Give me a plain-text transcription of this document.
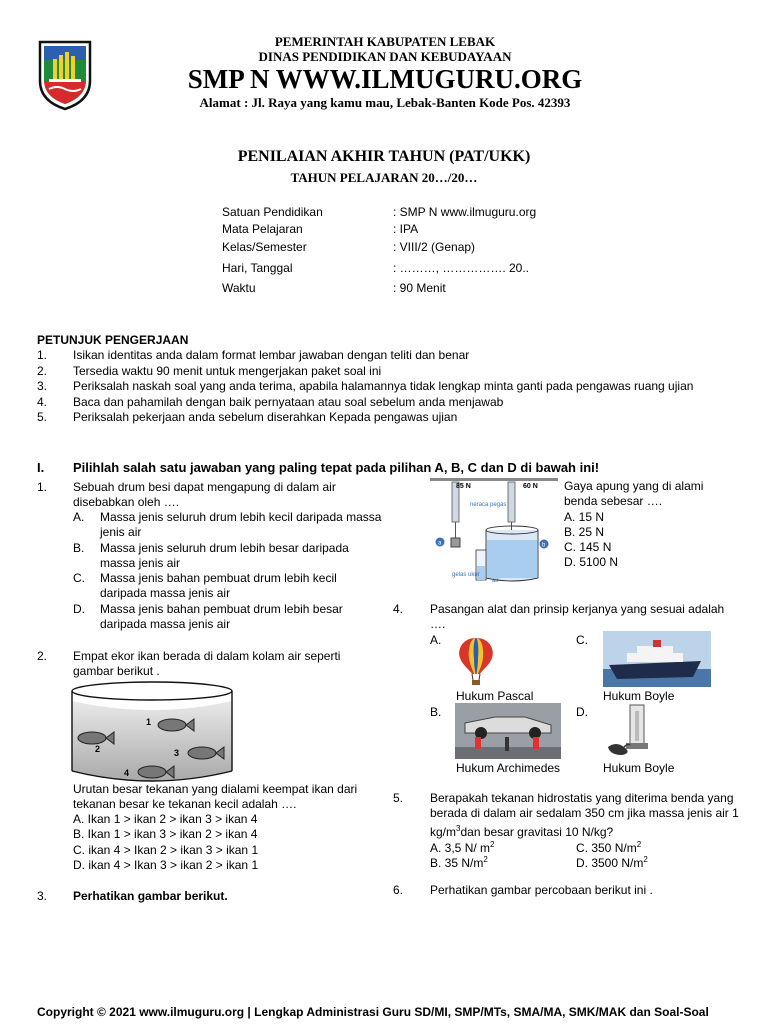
PEMERINTAH KABUPATEN LEBAK
DINAS PENDIDIKAN DAN KEBUDAYAAN
SMP N WWW.ILMUGURU.ORG
Alamat : Jl. Raya yang kamu mau, Lebak-Banten Kode Pos. 42393
PENILAIAN AKHIR TAHUN (PAT/UKK)
TAHUN PELAJARAN 20…/20…
Satuan Pendidikan	: SMP N www.ilmuguru.org
Mata Pelajaran	: IPA
Kelas/Semester	: VIII/2 (Genap)
Hari, Tanggal	: ………, ……………. 20..
Waktu	: 90 Menit
PETUNJUK PENGERJAAN
1. Isikan identitas anda dalam format lembar jawaban dengan teliti dan benar
2. Tersedia waktu 90 menit untuk mengerjakan paket soal ini
3. Periksalah naskah soal yang anda terima, apabila halamannya tidak lengkap minta ganti pada pengawas ruang ujian
4. Baca dan pahamilah dengan baik pernyataan atau soal sebelum anda menjawab
5. Periksalah pekerjaan anda sebelum diserahkan Kepada pengawas ujian
I. Pilihlah salah satu jawaban yang paling tepat pada pilihan A, B, C dan D di bawah ini!
1. Sebuah drum besi dapat mengapung di dalam air
disebabkan oleh ….
A. Massa jenis seluruh drum lebih kecil daripada massa
jenis air
B. Massa jenis seluruh drum lebih besar daripada
massa jenis air
C. Massa jenis bahan pembuat drum lebih kecil
daripada massa jenis air
D. Massa jenis bahan pembuat drum lebih besar
daripada massa jenis air
2. Empat ekor ikan berada di dalam kolam air seperti
gambar berikut .
1
2	3
4
Urutan besar tekanan yang dialami keempat ikan dari
tekanan besar ke tekanan kecil adalah ….
A. Ikan 1 > ikan 2 > ikan 3 > ikan 4
B. Ikan 1 > ikan 3 > ikan 2 > ikan 4
C. ikan 4 > Ikan 2 > ikan 3 > ikan 1
D. ikan 4 > Ikan 3 > ikan 2 > ikan 1
3. Perhatikan gambar berikut.
85 N	60 N
neraca pegas
a	b
gelas ukur
air
Gaya apung yang di alami
benda sebesar ….
A. 15 N
B. 25 N
C. 145 N
D. 5100 N
4. Pasangan alat dan prinsip kerjanya yang sesuai adalah
….
A.
Hukum Pascal
C.
Hukum Boyle
B.
Hukum Archimedes
D.
Hukum Boyle
5. Berapakah tekanan hidrostatis yang diterima benda yang
berada di dalam air sedalam 350 cm jika massa jenis air 1
$kg/m^3dan$ besar gravitasi 10 N/kg?
A. 3,5 N/ $m^2$	C. 350 $N/m^2$
B. 35 $N/m^2$	D. 3500 $N/m^2$
6. Perhatikan gambar percobaan berikut ini .
Copyright © 2021 www.ilmuguru.org | Lengkap Administrasi Guru SD/MI, SMP/MTs, SMA/MA, SMK/MAK dan Soal-Soal
